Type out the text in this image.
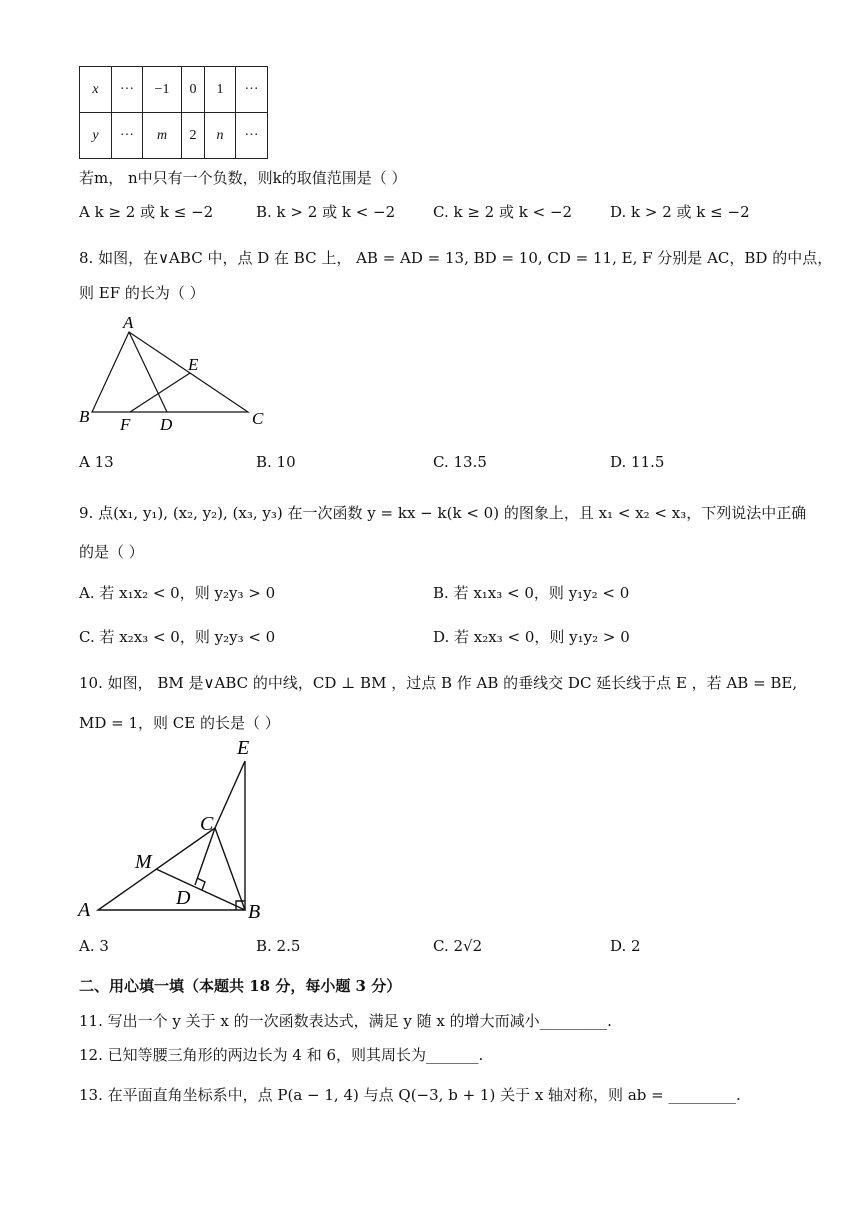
x	···	−1	0	1	···
y	···	m	2	n	···
若m， n中只有一个负数，则k的取值范围是（ ）
A k ≥ 2 或 k ≤ −2	B. k > 2 或 k < −2	C. k ≥ 2 或 k < −2	D. k > 2 或 k ≤ −2
8. 如图，在∨ABC 中，点 D 在 BC 上， AB = AD = 13, BD = 10, CD = 11, E, F 分别是 AC，BD 的中点，
则 EF 的长为（ ）
A
B	C
D
E
F
A 13	B. 10	C. 13.5	D. 11.5
9. 点(x₁, y₁), (x₂, y₂), (x₃, y₃) 在一次函数 y = kx − k(k < 0) 的图象上，且 x₁ < x₂ < x₃，下列说法中正确
的是（ ）
A. 若 x₁x₂ < 0，则 y₂y₃ > 0	B. 若 x₁x₃ < 0，则 y₁y₂ < 0
C. 若 x₂x₃ < 0，则 y₂y₃ < 0	D. 若 x₂x₃ < 0，则 y₁y₂ > 0
10. 如图， BM 是∨ABC 的中线，CD ⊥ BM ，过点 B 作 AB 的垂线交 DC 延长线于点 E ，若 AB = BE,
MD = 1，则 CE 的长是（ ）
E
C
M
D
A	B
A. 3	B. 2.5	C. 2√2	D. 2
二、用心填一填（本题共 18 分，每小题 3 分）
11. 写出一个 y 关于 x 的一次函数表达式，满足 y 随 x 的增大而减小_________.
12. 已知等腰三角形的两边长为 4 和 6，则其周长为_______.
13. 在平面直角坐标系中，点 P(a − 1, 4) 与点 Q(−3, b + 1) 关于 x 轴对称，则 ab = _________.
